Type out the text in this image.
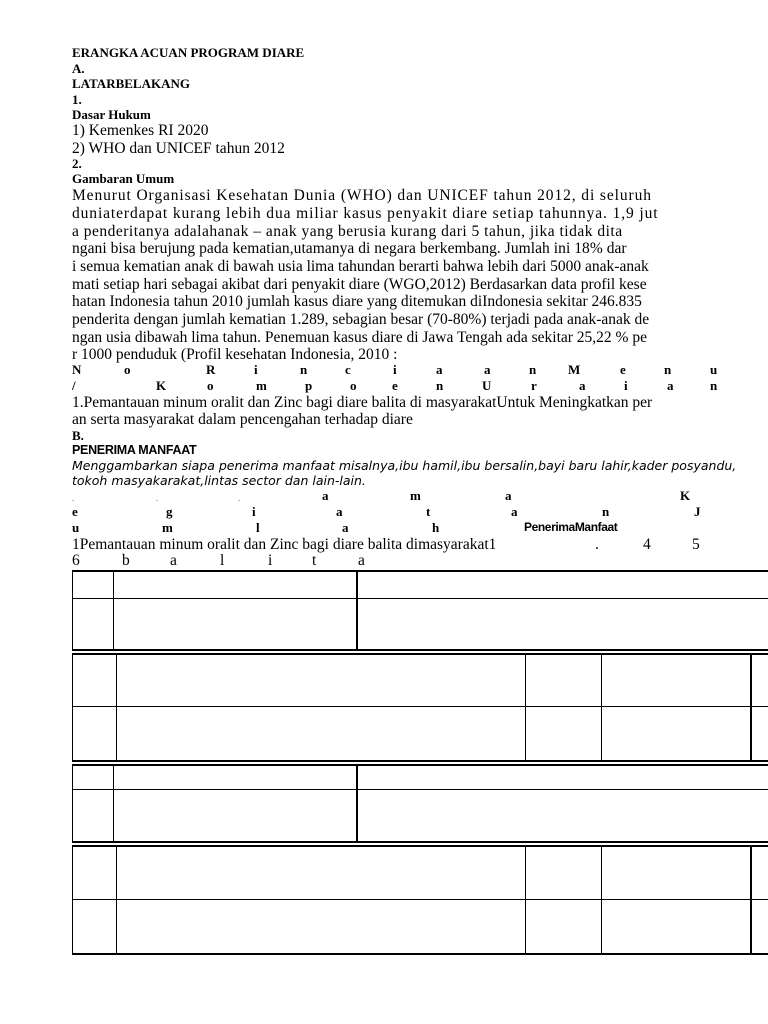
ERANGKA ACUAN PROGRAM DIARE
A.
LATARBELAKANG
1.
Dasar Hukum
1) Kemenkes RI 2020
2) WHO dan UNICEF tahun 2012
2.
Gambaran Umum
Menurut Organisasi Kesehatan Dunia (WHO) dan UNICEF tahun 2012, di seluruh
duniaterdapat kurang lebih dua miliar kasus penyakit diare setiap tahunnya. 1,9 jut
a penderitanya adalahanak – anak yang berusia kurang dari 5 tahun, jika tidak dita
ngani bisa berujung pada kematian,utamanya di negara berkembang. Jumlah ini 18% dar
i semua kematian anak di bawah usia lima tahundan berarti bahwa lebih dari 5000 anak-anak
mati setiap hari sebagai akibat dari penyakit diare (WGO,2012) Berdasarkan data profil kese
hatan Indonesia tahun 2010 jumlah kasus diare yang ditemukan diIndonesia sekitar 246.835
penderita dengan jumlah kematian 1.289, sebagian besar (70-80%) terjadi pada anak-anak de
ngan usia dibawah lima tahun. Penemuan kasus diare di Jawa Tengah ada sekitar 25,22 % pe
r 1000 penduduk (Profil kesehatan Indonesia, 2010 :
N	o	R	i	n	c	i	a	a	n M	e	n	u
/	K	o	m	p	o	e	n	U	r	a	i	a	n
1.Pemantauan minum oralit dan Zinc bagi diare balita di masyarakatUntuk Meningkatkan per
an serta masyarakat dalam pencengahan terhadap diare
B.
PENERIMA MANFAAT
Menggambarkan siapa penerima manfaat misalnya,ibu hamil,ibu bersalin,bayi baru lahir,kader posyandu,
tokoh masyakarakat,lintas sector dan lain-lain.
.	.	.	a	m	a	K
e	g	i	a	t	a	n	J
u	m	l	a	h	PenerimaManfaat
1Pemantauan minum oralit dan Zinc bagi diare balita dimasyarakat1	.	4	5
6	b	a	l	i	t	a
